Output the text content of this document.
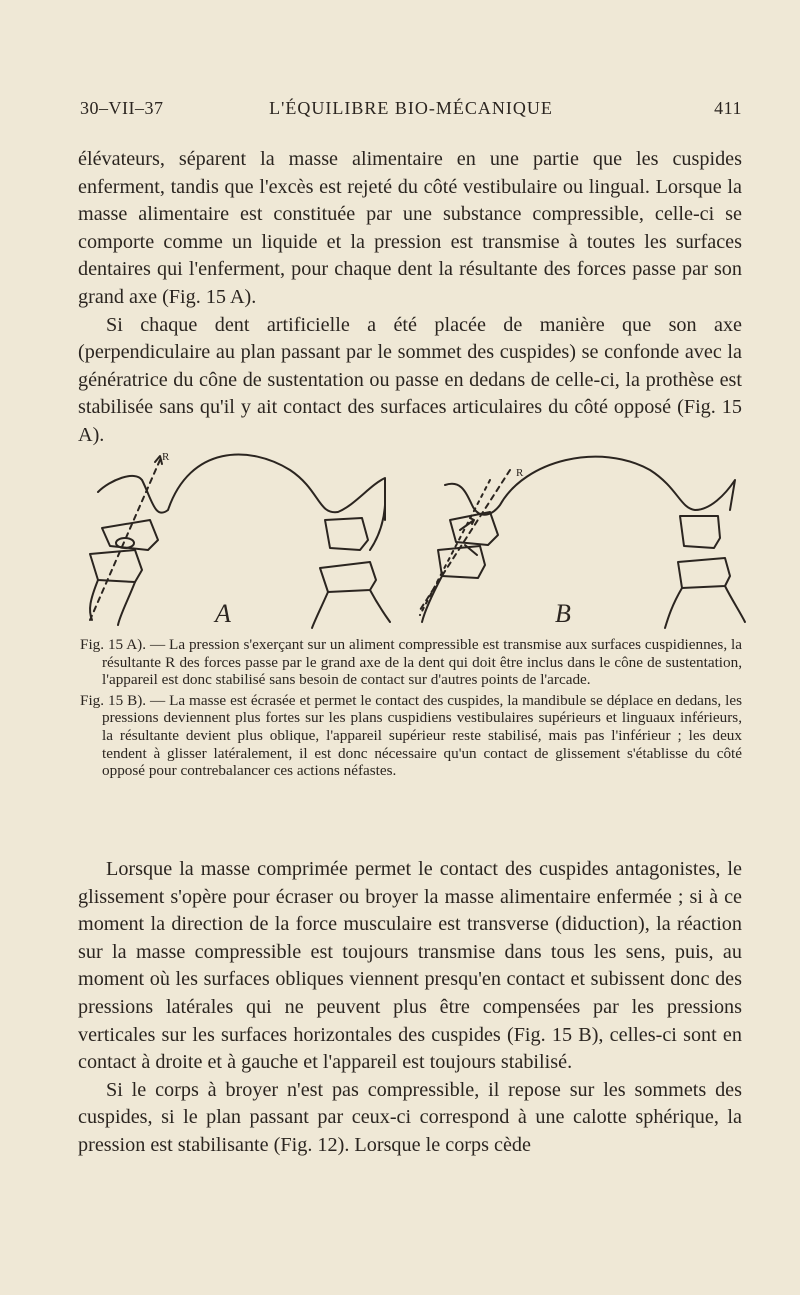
30–VII–37	L'ÉQUILIBRE BIO-MÉCANIQUE	411

élévateurs, séparent la masse alimentaire en une partie que les cuspides enferment, tandis que l'excès est rejeté du côté vestibulaire ou lingual. Lorsque la masse alimentaire est constituée par une substance compressible, celle-ci se comporte comme un liquide et la pression est transmise à toutes les surfaces dentaires qui l'enferment, pour chaque dent la résultante des forces passe par son grand axe (Fig. 15 A).

Si chaque dent artificielle a été placée de manière que son axe (perpendiculaire au plan passant par le sommet des cuspides) se confonde avec la génératrice du cône de sustentation ou passe en dedans de celle-ci, la prothèse est stabilisée sans qu'il y ait contact des surfaces articulaires du côté opposé (Fig. 15 A).

A	B
R
R

Fig. 15 A). — La pression s'exerçant sur un aliment compressible est transmise aux surfaces cuspidiennes, la résultante R des forces passe par le grand axe de la dent qui doit être inclus dans le cône de sustentation, l'appareil est donc stabilisé sans besoin de contact sur d'autres points de l'arcade.

Fig. 15 B). — La masse est écrasée et permet le contact des cuspides, la mandibule se déplace en dedans, les pressions deviennent plus fortes sur les plans cuspidiens vestibulaires supérieurs et linguaux inférieurs, la résultante devient plus oblique, l'appareil supérieur reste stabilisé, mais pas l'inférieur ; les deux tendent à glisser latéralement, il est donc nécessaire qu'un contact de glissement s'établisse du côté opposé pour contrebalancer ces actions néfastes.

Lorsque la masse comprimée permet le contact des cuspides antagonistes, le glissement s'opère pour écraser ou broyer la masse alimentaire enfermée ; si à ce moment la direction de la force musculaire est transverse (diduction), la réaction sur la masse compressible est toujours transmise dans tous les sens, puis, au moment où les surfaces obliques viennent presqu'en contact et subissent donc des pressions latérales qui ne peuvent plus être compensées par les pressions verticales sur les surfaces horizontales des cuspides (Fig. 15 B), celles-ci sont en contact à droite et à gauche et l'appareil est toujours stabilisé.

Si le corps à broyer n'est pas compressible, il repose sur les sommets des cuspides, si le plan passant par ceux-ci correspond à une calotte sphérique, la pression est stabilisante (Fig. 12). Lorsque le corps cède
